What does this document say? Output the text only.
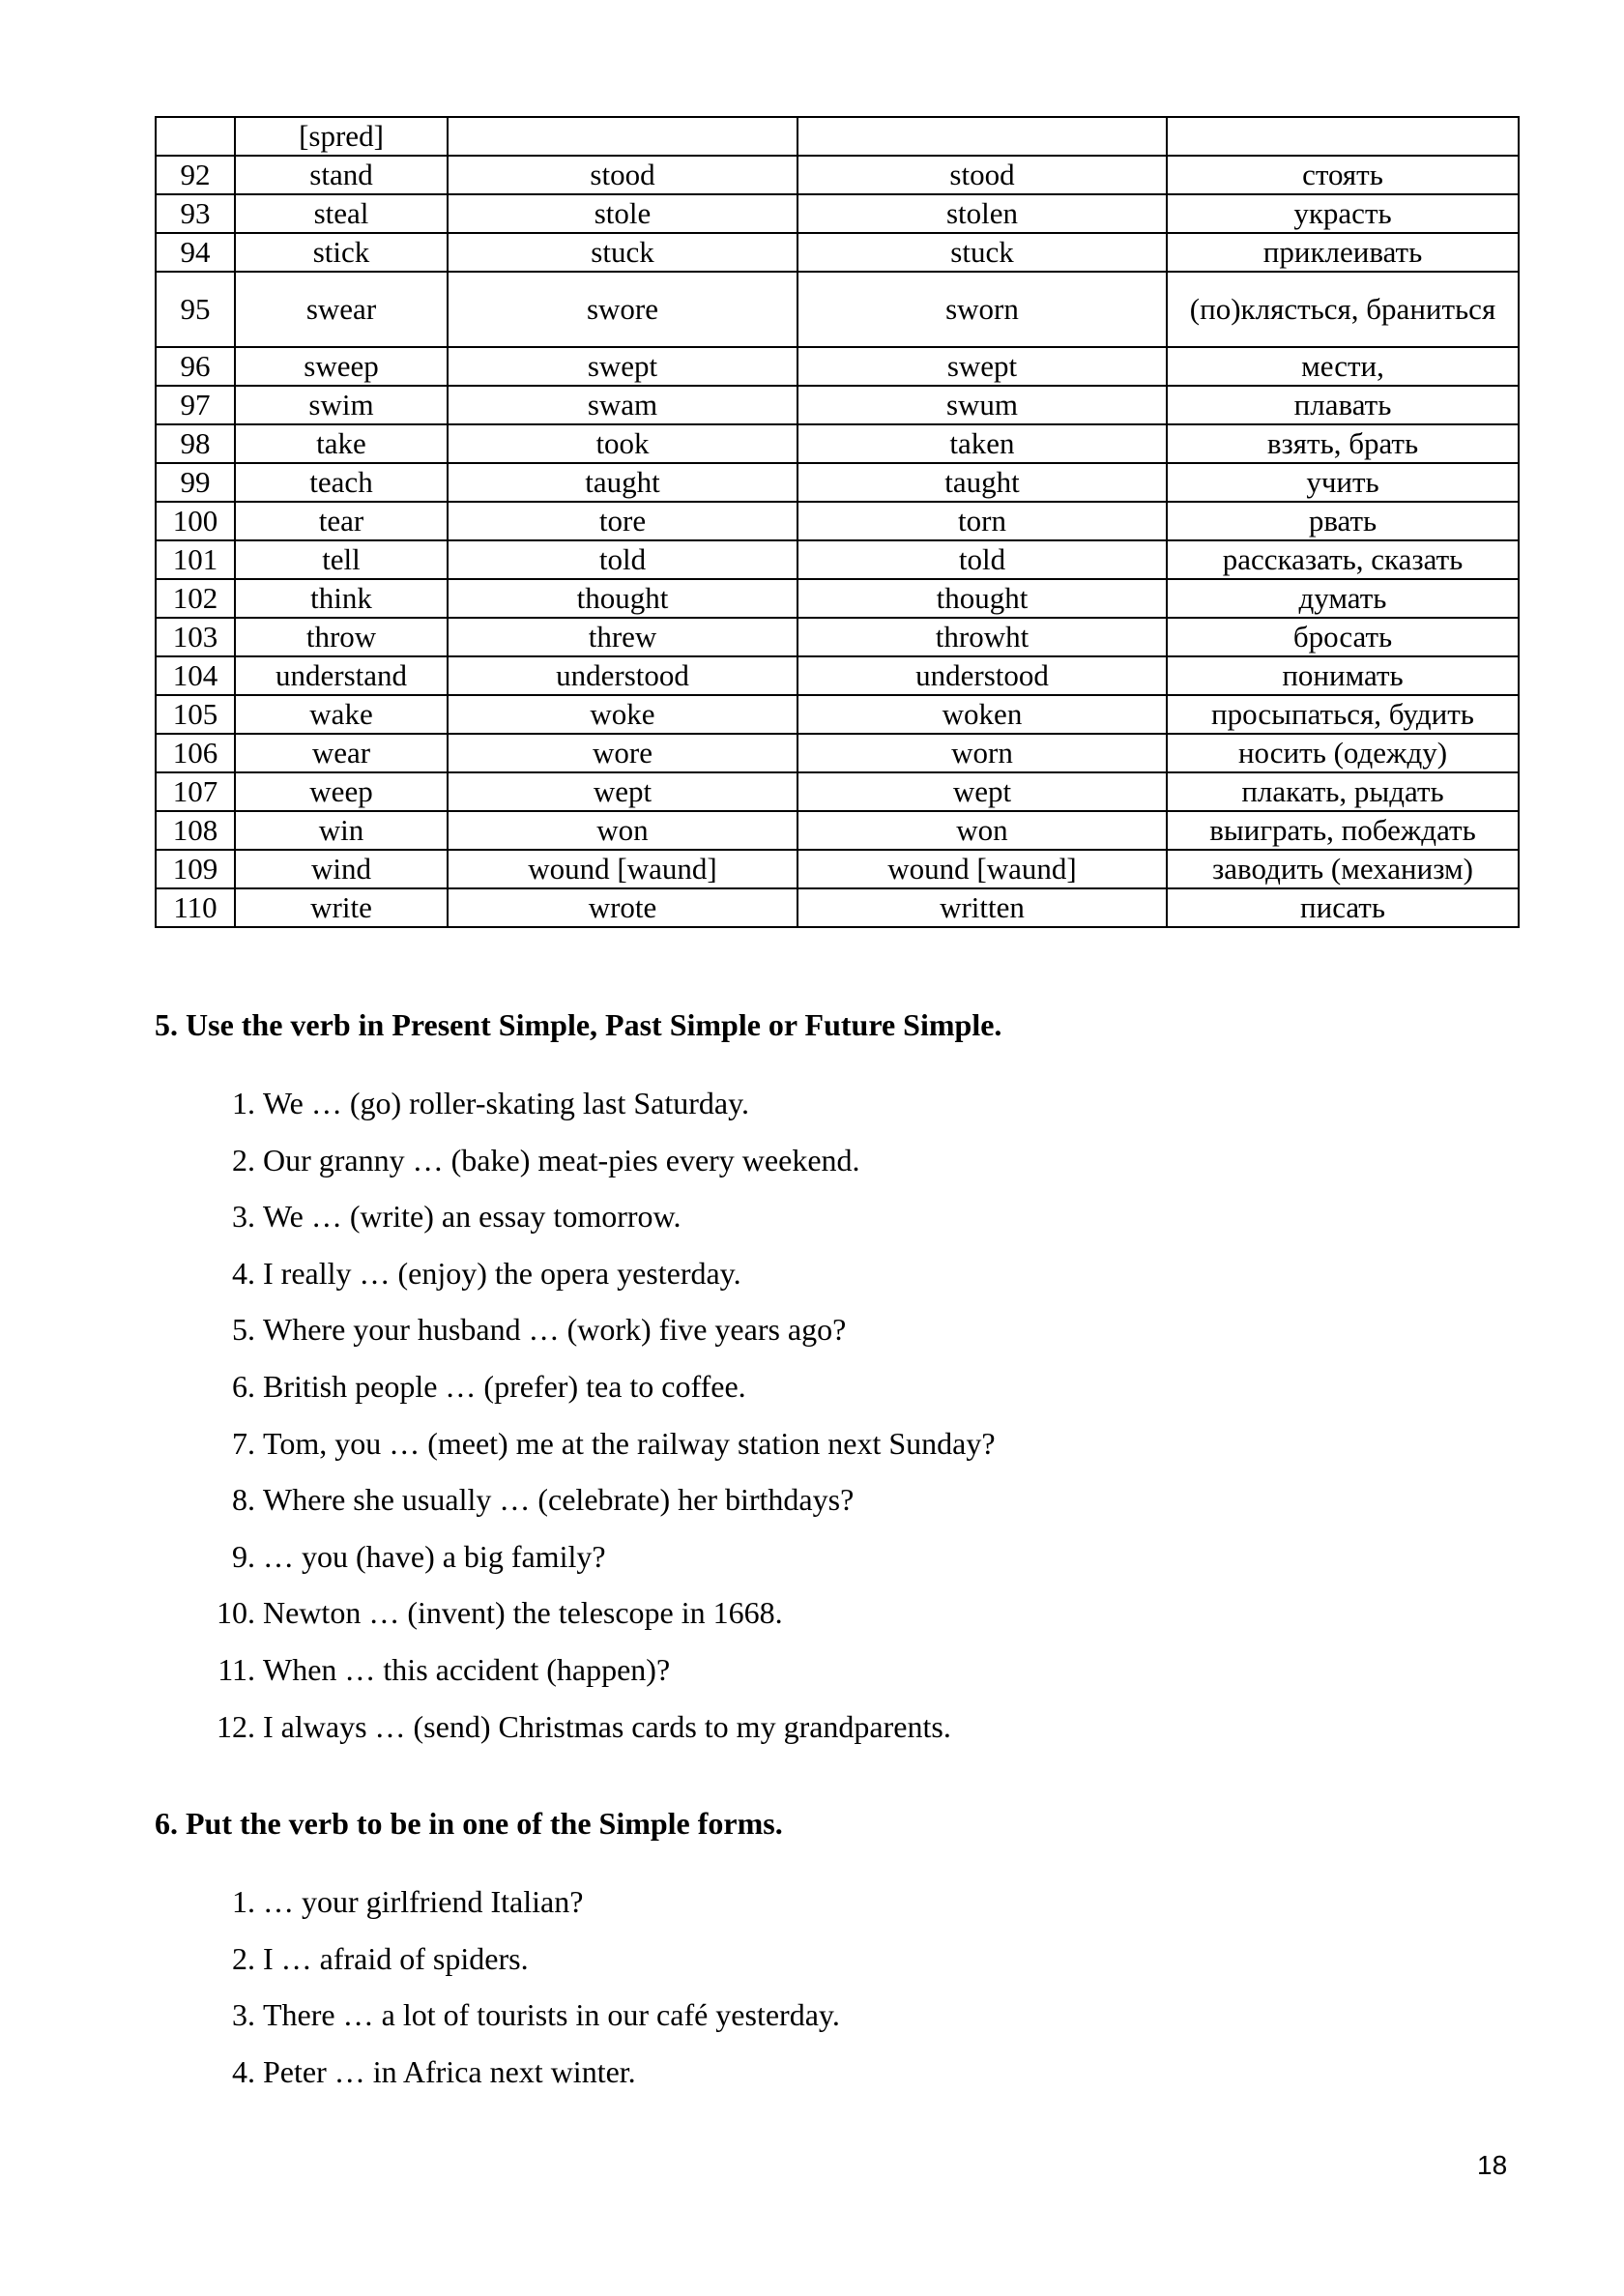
	[spred]			
92	stand	stood	stood	стоять
93	steal	stole	stolen	украсть
94	stick	stuck	stuck	приклеивать
95	swear	swore	sworn	(по)клясться, браниться
96	sweep	swept	swept	мести,
97	swim	swam	swum	плавать
98	take	took	taken	взять, брать
99	teach	taught	taught	учить
100	tear	tore	torn	рвать
101	tell	told	told	рассказать, сказать
102	think	thought	thought	думать
103	throw	threw	throwht	бросать
104	understand	understood	understood	понимать
105	wake	woke	woken	просыпаться, будить
106	wear	wore	worn	носить (одежду)
107	weep	wept	wept	плакать, рыдать
108	win	won	won	выиграть, побеждать
109	wind	wound [waund]	wound [waund]	заводить (механизм)
110	write	wrote	written	писать
5. Use the verb in Present Simple, Past Simple or Future Simple.
1.
We … (go) roller-skating last Saturday.
2.
Our granny … (bake) meat-pies every weekend.
3.
We … (write) an essay tomorrow.
4.
I really … (enjoy) the opera yesterday.
5.
Where your husband … (work) five years ago?
6.
British people … (prefer) tea to coffee.
7.
Tom, you … (meet) me at the railway station next Sunday?
8.
Where she usually … (celebrate) her birthdays?
9.
… you (have) a big family?
10.
Newton … (invent) the telescope in 1668.
11.
When … this accident (happen)?
12.
I always … (send) Christmas cards to my grandparents.
6. Put the verb to be in one of the Simple forms.
1.
… your girlfriend Italian?
2.
I … afraid of spiders.
3.
There … a lot of tourists in our café yesterday.
4.
Peter … in Africa next winter.
18
